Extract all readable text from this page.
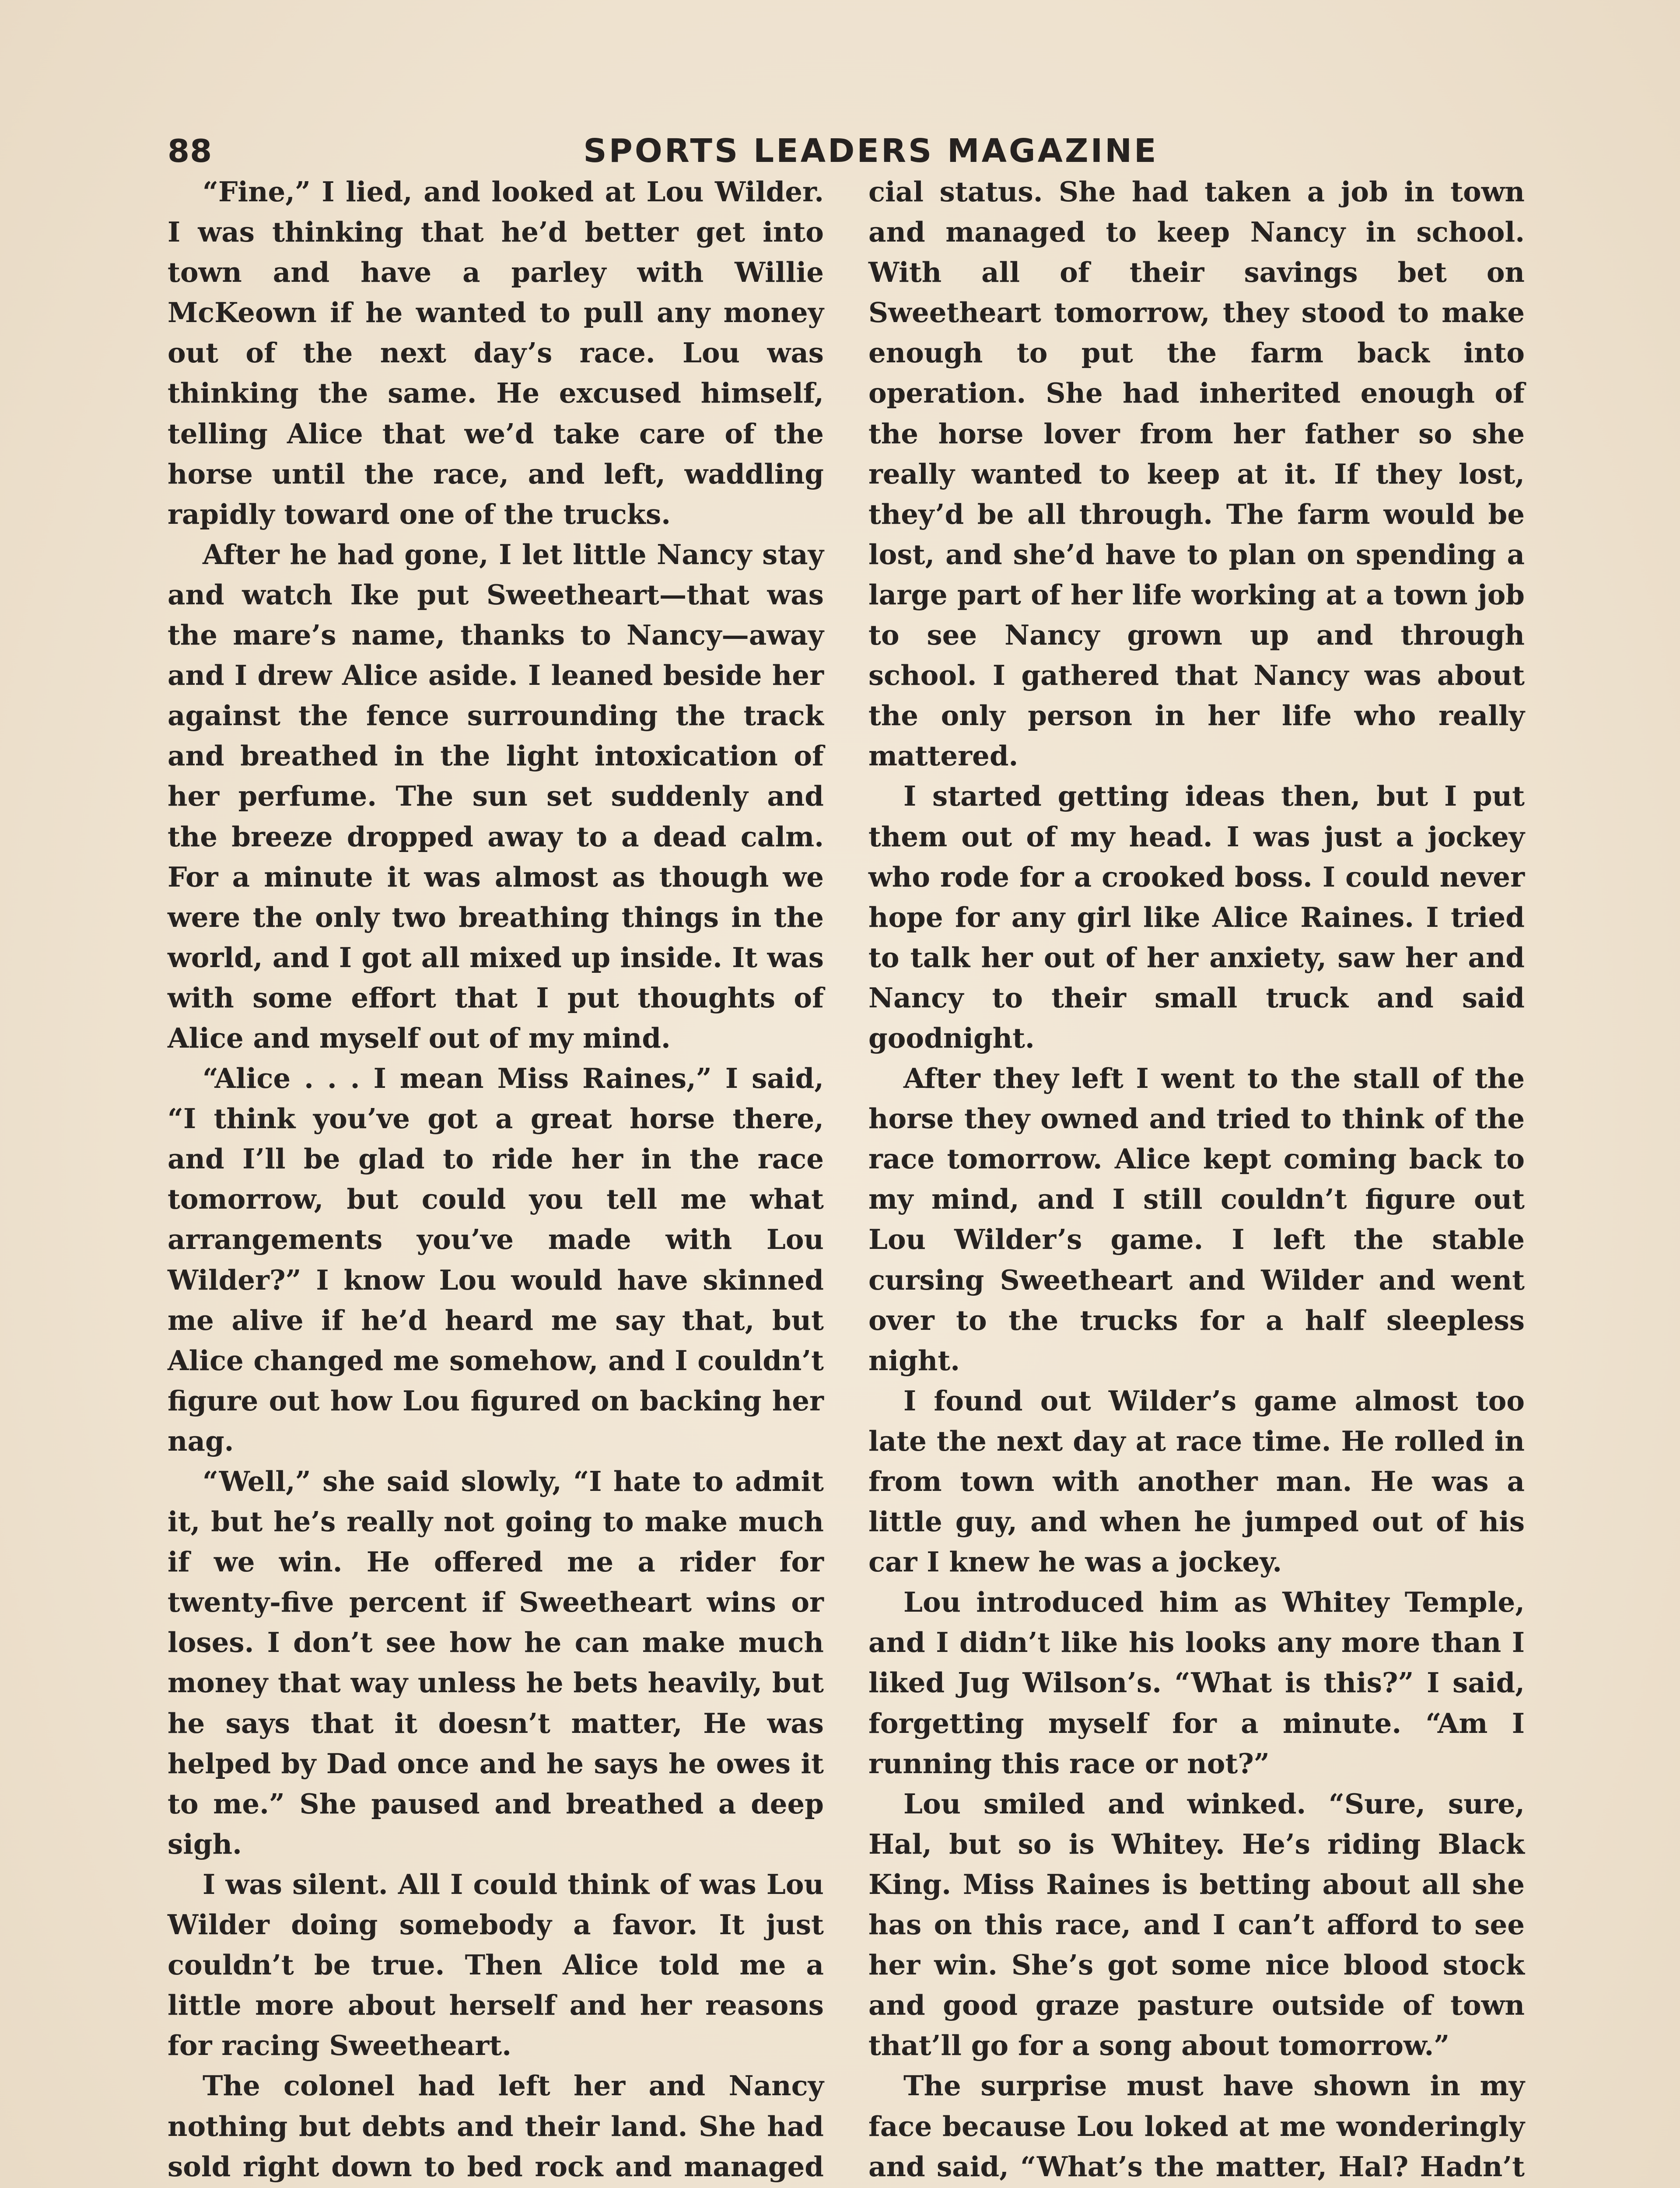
88	SPORTS LEADERS MAGAZINE

“Fine,” I lied, and looked at Lou Wilder. I was thinking that he’d better get into town and have a parley with Willie McKeown if he wanted to pull any money out of the next day’s race. Lou was thinking the same. He excused himself, telling Alice that we’d take care of the horse until the race, and left, waddling rapidly toward one of the trucks.

After he had gone, I let little Nancy stay and watch Ike put Sweetheart—that was the mare’s name, thanks to Nancy—away and I drew Alice aside. I leaned beside her against the fence surrounding the track and breathed in the light intoxication of her perfume. The sun set suddenly and the breeze dropped away to a dead calm. For a minute it was almost as though we were the only two breathing things in the world, and I got all mixed up inside. It was with some effort that I put thoughts of Alice and myself out of my mind.

“Alice . . . I mean Miss Raines,” I said, “I think you’ve got a great horse there, and I’ll be glad to ride her in the race tomorrow, but could you tell me what arrangements you’ve made with Lou Wilder?” I know Lou would have skinned me alive if he’d heard me say that, but Alice changed me somehow, and I couldn’t figure out how Lou figured on backing her nag.

“Well,” she said slowly, “I hate to admit it, but he’s really not going to make much if we win. He offered me a rider for twenty-five percent if Sweetheart wins or loses. I don’t see how he can make much money that way unless he bets heavily, but he says that it doesn’t matter, He was helped by Dad once and he says he owes it to me.” She paused and breathed a deep sigh.

I was silent. All I could think of was Lou Wilder doing somebody a favor. It just couldn’t be true. Then Alice told me a little more about herself and her reasons for racing Sweetheart.

The colonel had left her and Nancy nothing but debts and their land. She had sold right down to bed rock and managed

cial status. She had taken a job in town and managed to keep Nancy in school. With all of their savings bet on Sweetheart tomorrow, they stood to make enough to put the farm back into operation. She had inherited enough of the horse lover from her father so she really wanted to keep at it. If they lost, they’d be all through. The farm would be lost, and she’d have to plan on spending a large part of her life working at a town job to see Nancy grown up and through school. I gathered that Nancy was about the only person in her life who really mattered.

I started getting ideas then, but I put them out of my head. I was just a jockey who rode for a crooked boss. I could never hope for any girl like Alice Raines. I tried to talk her out of her anxiety, saw her and Nancy to their small truck and said goodnight.

After they left I went to the stall of the horse they owned and tried to think of the race tomorrow. Alice kept coming back to my mind, and I still couldn’t figure out Lou Wilder’s game. I left the stable cursing Sweetheart and Wilder and went over to the trucks for a half sleepless night.

I found out Wilder’s game almost too late the next day at race time. He rolled in from town with another man. He was a little guy, and when he jumped out of his car I knew he was a jockey.

Lou introduced him as Whitey Temple, and I didn’t like his looks any more than I liked Jug Wilson’s. “What is this?” I said, forgetting myself for a minute. “Am I running this race or not?”

Lou smiled and winked. “Sure, sure, Hal, but so is Whitey. He’s riding Black King. Miss Raines is betting about all she has on this race, and I can’t afford to see her win. She’s got some nice blood stock and good graze pasture outside of town that’ll go for a song about tomorrow.”

The surprise must have shown in my face because Lou loked at me wonderingly and said, “What’s the matter, Hal? Hadn’t
